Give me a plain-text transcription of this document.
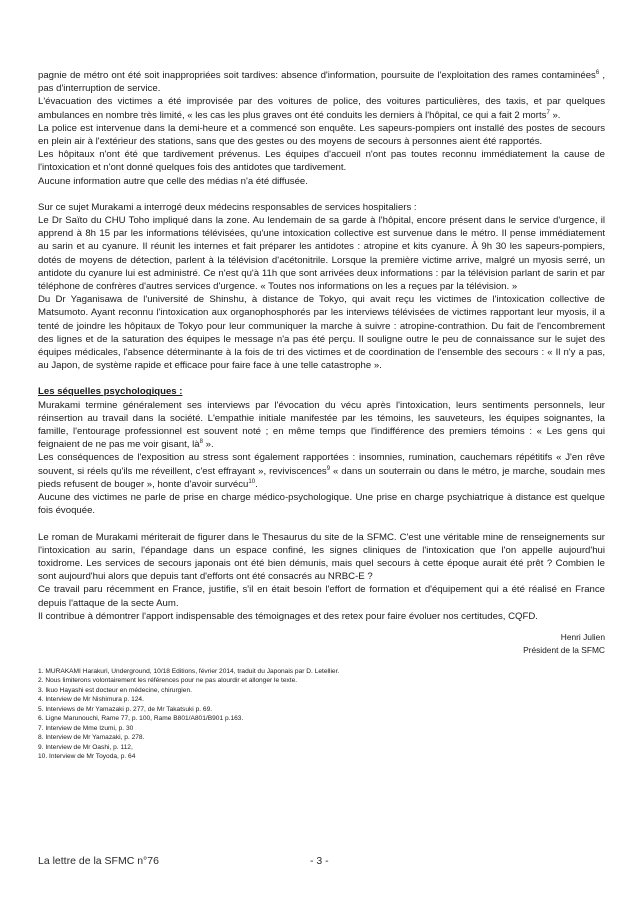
pagnie de métro ont été soit inappropriées soit tardives: absence d'information, poursuite de l'exploitation des rames contaminées$^6$ , pas d'interruption de service.

L'évacuation des victimes a été improvisée par des voitures de police, des voitures particulières, des taxis, et par quelques ambulances en nombre très limité, « les cas les plus graves ont été conduits les derniers à l'hôpital, ce qui a fait 2 morts$^7$ ».

La police est intervenue dans la demi-heure et a commencé son enquête. Les sapeurs-pompiers ont installé des postes de secours en plein air à l'extérieur des stations, sans que des gestes ou des moyens de secours à personnes aient été rapportés.

Les hôpitaux n'ont été que tardivement prévenus. Les équipes d'accueil n'ont pas toutes reconnu immédiatement la cause de l'intoxication et n'ont donné quelques fois des antidotes que tardivement.

Aucune information autre que celle des médias n'a été diffusée.

Sur ce sujet Murakami a interrogé deux médecins responsables de services hospitaliers :

Le Dr Saïto du CHU Toho impliqué dans la zone. Au lendemain de sa garde à l'hôpital, encore présent dans le service d'urgence, il apprend à 8h 15 par les informations télévisées, qu'une intoxication collective est survenue dans le métro. Il pense immédiatement au sarin et au cyanure. Il réunit les internes et fait préparer les antidotes : atropine et kits cyanure. À 9h 30 les sapeurs-pompiers, dotés de moyens de détection, parlent à la télévision d'acétonitrile. Lorsque la première victime arrive, malgré un myosis serré, un antidote du cyanure lui est administré. Ce n'est qu'à 11h que sont arrivées deux informations : par la télévision parlant de sarin et par téléphone de confrères d'autres services d'urgence. « Toutes nos informations on les a reçues par la télévision. »

Du Dr Yaganisawa de l'université de Shinshu, à distance de Tokyo, qui avait reçu les victimes de l'intoxication collective de Matsumoto. Ayant reconnu l'intoxication aux organophosphorés par les interviews télévisées de victimes rapportant leur myosis, il a tenté de joindre les hôpitaux de Tokyo pour leur communiquer la marche à suivre : atropine-contrathion. Du fait de l'encombrement des lignes et de la saturation des équipes le message n'a pas été perçu. Il souligne outre le peu de connaissance sur le sujet des équipes médicales, l'absence déterminante à la fois de tri des victimes et de coordination de l'ensemble des secours : « Il n'y a pas, au Japon, de système rapide et efficace pour faire face à une telle catastrophe ».

Les séquelles psychologiques :

Murakami termine généralement ses interviews par l'évocation du vécu après l'intoxication, leurs sentiments personnels, leur réinsertion au travail dans la société. L'empathie initiale manifestée par les témoins, les sauveteurs, les équipes soignantes, la famille, l'entourage professionnel est souvent noté ; en même temps que l'indifférence des premiers témoins : « Les gens qui feignaient de ne pas me voir gisant, $là^8$ ».

Les conséquences de l'exposition au stress sont également rapportées : insomnies, rumination, cauchemars répétitifs « J'en rêve souvent, si réels qu'ils me réveillent, c'est effrayant », reviviscences$^9$ « dans un souterrain ou dans le métro, je marche, soudain mes pieds refusent de bouger », honte d'avoir survécu$^{10}$.

Aucune des victimes ne parle de prise en charge médico-psychologique. Une prise en charge psychiatrique à distance est quelque fois évoquée.

Le roman de Murakami mériterait de figurer dans le Thesaurus du site de la SFMC. C'est une véritable mine de renseignements sur l'intoxication au sarin, l'épandage dans un espace confiné, les signes cliniques de l'intoxication que l'on appelle aujourd'hui toxidrome. Les services de secours japonais ont été bien démunis, mais quel secours à cette époque aurait été prêt ? Combien le sont aujourd'hui alors que depuis tant d'efforts ont été consacrés au NRBC-E ?

Ce travail paru récemment en France, justifie, s'il en était besoin l'effort de formation et d'équipement qui a été réalisé en France depuis l'attaque de la secte Aum.

Il contribue à démontrer l'apport indispensable des témoignages et des retex pour faire évoluer nos certitudes, CQFD.

Henri Julien

Président de la SFMC

1. MURAKAMI Harakuri, Underground, 10/18 Editions, février 2014, traduit du Japonais par D. Letellier.
2. Nous limiterons volontairement les références pour ne pas alourdir et allonger le texte.
3. Ikuo Hayashi est docteur en médecine, chirurgien.
4. Interview de Mr Nishimura p. 124.
5. Interviews de Mr Yamazaki p. 277, de Mr Takatsuki p. 69.
6. Ligne Marunouchi, Rame 77, p. 100, Rame B801/A801/B901 p.163.
7. Interview de Mme Izumi, p. 30
8. Interview de Mr Yamazaki, p. 278.
9. Interview de Mr Oashi, p. 112,
10. Interview de Mr Toyoda, p. 64
La lettre de la SFMC n°76	- 3 -
